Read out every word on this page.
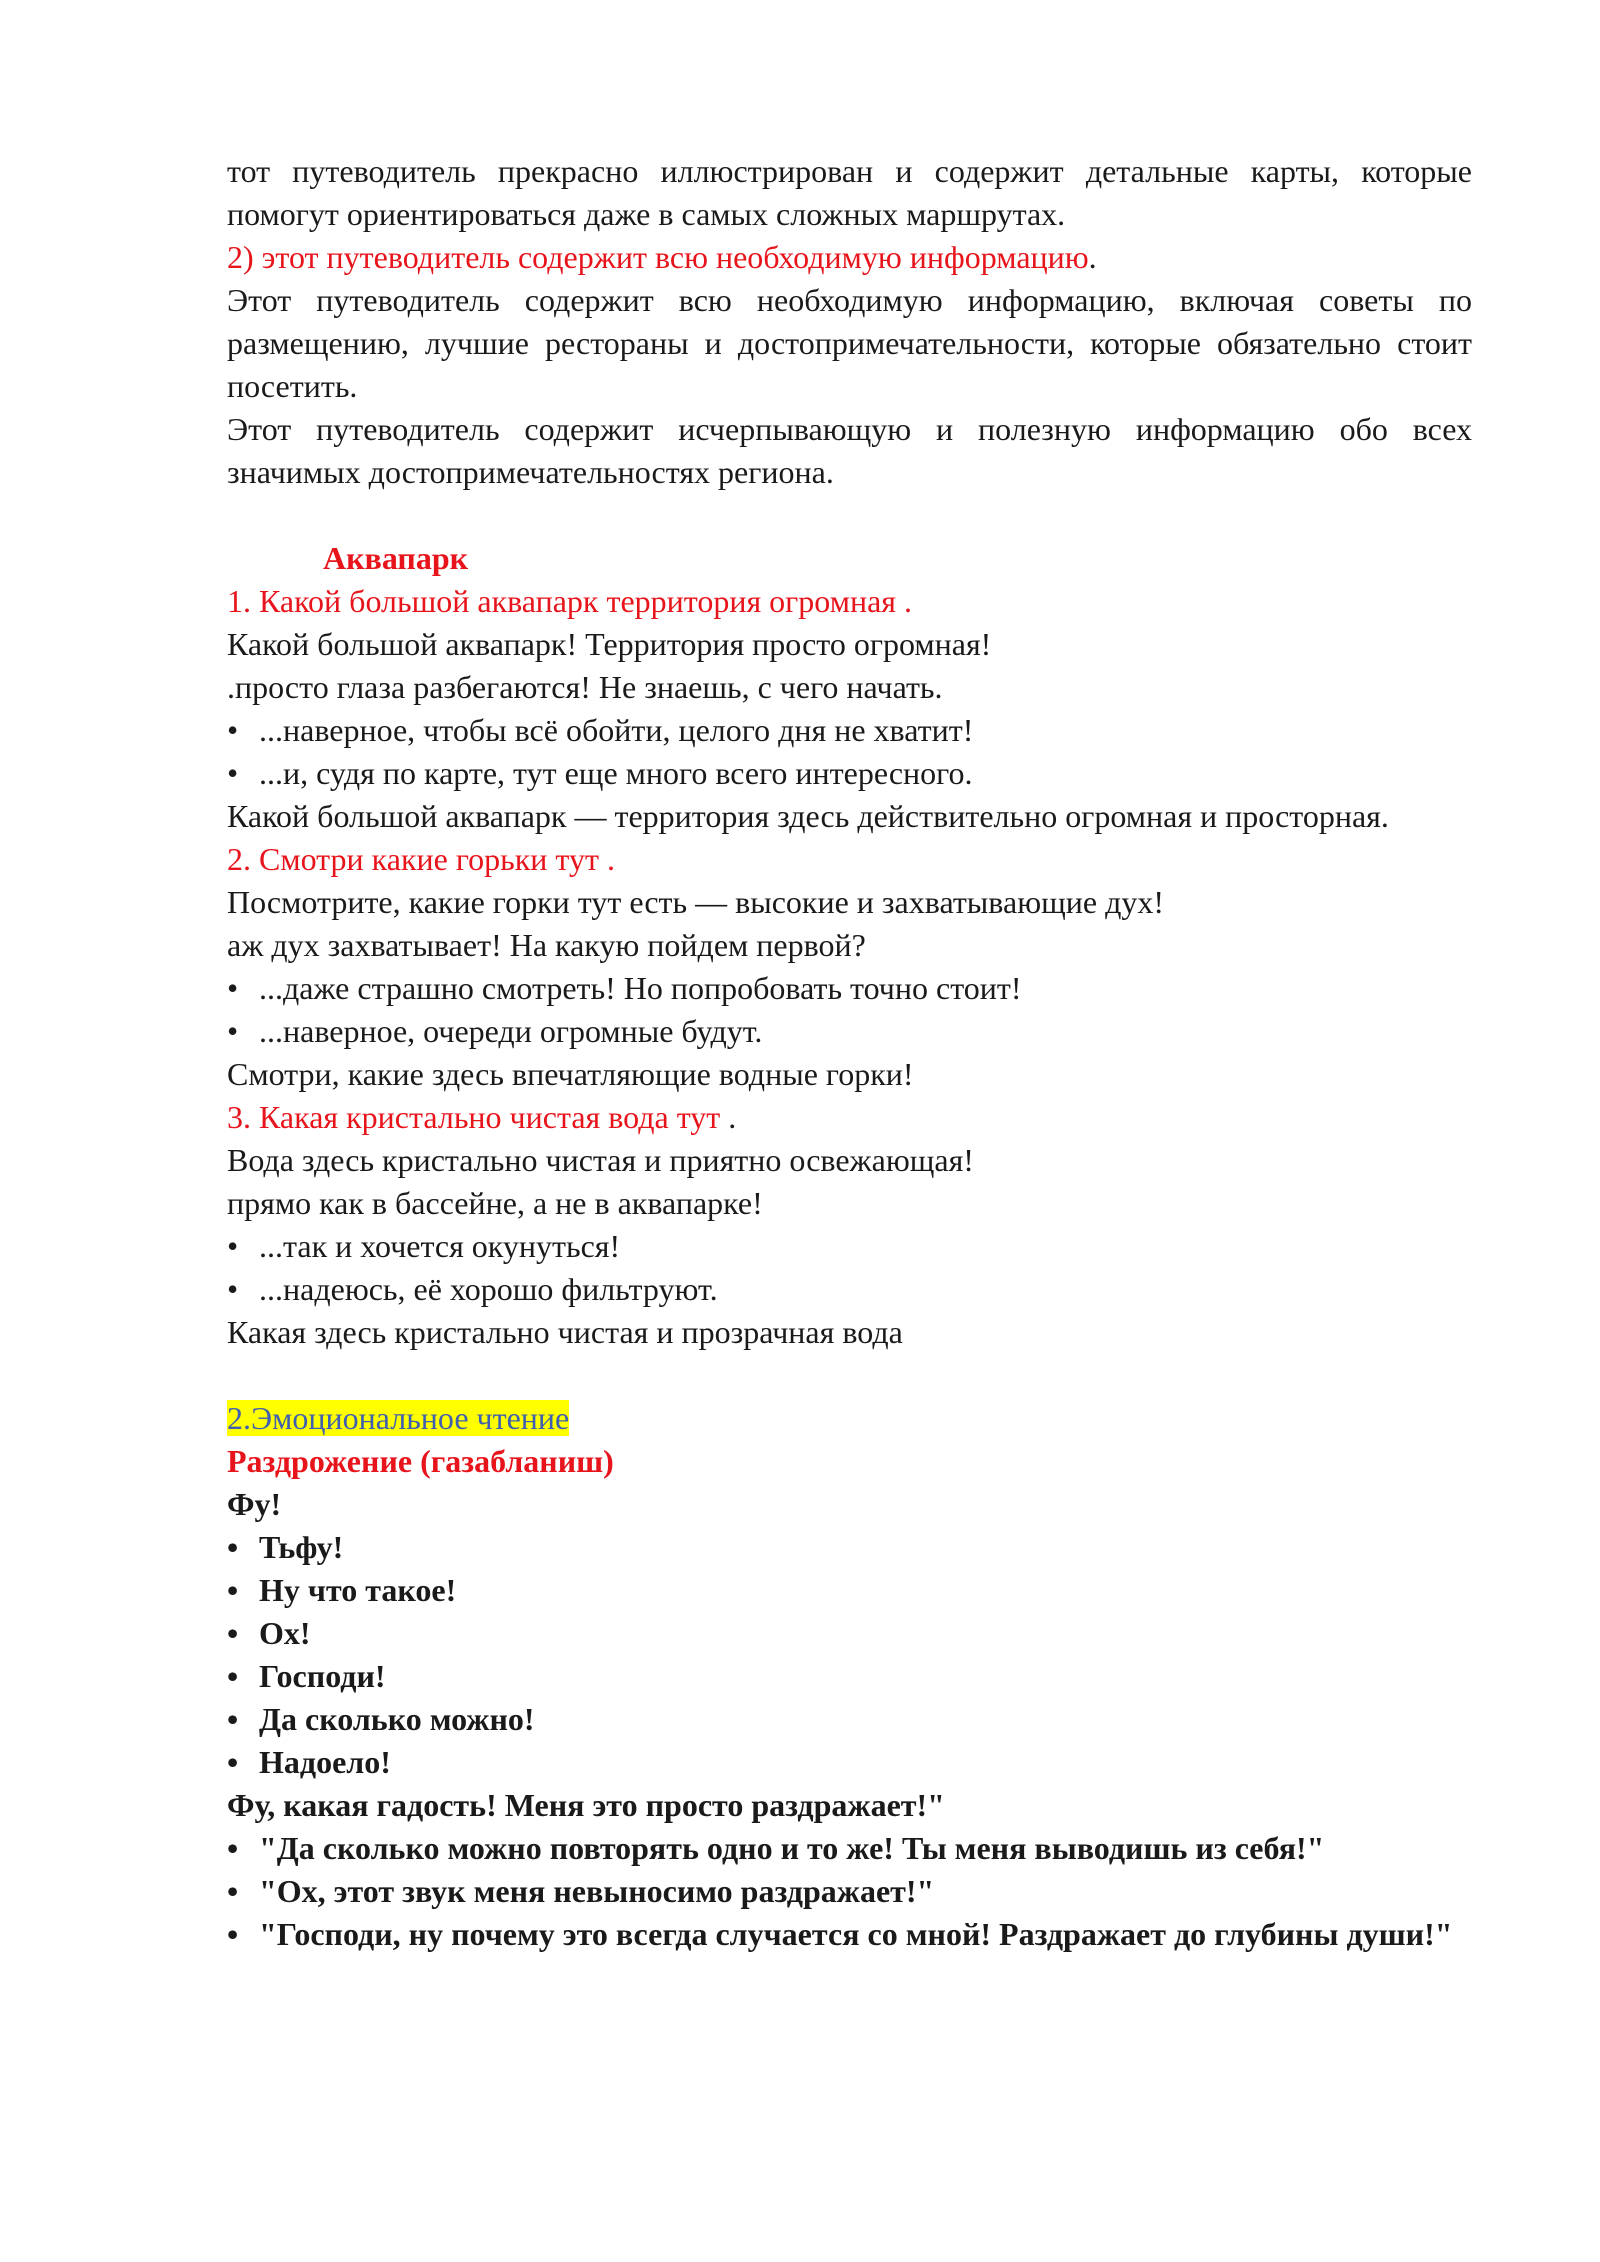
тот путеводитель прекрасно иллюстрирован и содержит детальные карты, которые помогут ориентироваться даже в самых сложных маршрутах.

2) этот путеводитель содержит всю необходимую информацию.

Этот путеводитель содержит всю необходимую информацию, включая советы по размещению, лучшие рестораны и достопримечательности, которые обязательно стоит посетить.

Этот путеводитель содержит исчерпывающую и полезную информацию обо всех значимых достопримечательностях региона.

Аквапарк

1. Какой большой аквапарк территория огромная .

Какой большой аквапарк! Территория просто огромная!

.просто глаза разбегаются! Не знаешь, с чего начать.

• ...наверное, чтобы всё обойти, целого дня не хватит!

• ...и, судя по карте, тут еще много всего интересного.

Какой большой аквапарк — территория здесь действительно огромная и просторная.

2. Смотри какие горьки тут .

Посмотрите, какие горки тут есть — высокие и захватывающие дух!

аж дух захватывает! На какую пойдем первой?

• ...даже страшно смотреть! Но попробовать точно стоит!

• ...наверное, очереди огромные будут.

Смотри, какие здесь впечатляющие водные горки!

3. Какая кристально чистая вода тут .

Вода здесь кристально чистая и приятно освежающая!

прямо как в бассейне, а не в аквапарке!

• ...так и хочется окунуться!

• ...надеюсь, её хорошо фильтруют.

Какая здесь кристально чистая и прозрачная вода

2.Эмоциональное чтение

Раздрожение (газабланиш)

Фу!

• Тьфу!

• Ну что такое!

• Ох!

• Господи!

• Да сколько можно!

• Надоело!

Фу, какая гадость! Меня это просто раздражает!"

• "Да сколько можно повторять одно и то же! Ты меня выводишь из себя!"

• "Ох, этот звук меня невыносимо раздражает!"

• "Господи, ну почему это всегда случается со мной! Раздражает до глубины души!"
